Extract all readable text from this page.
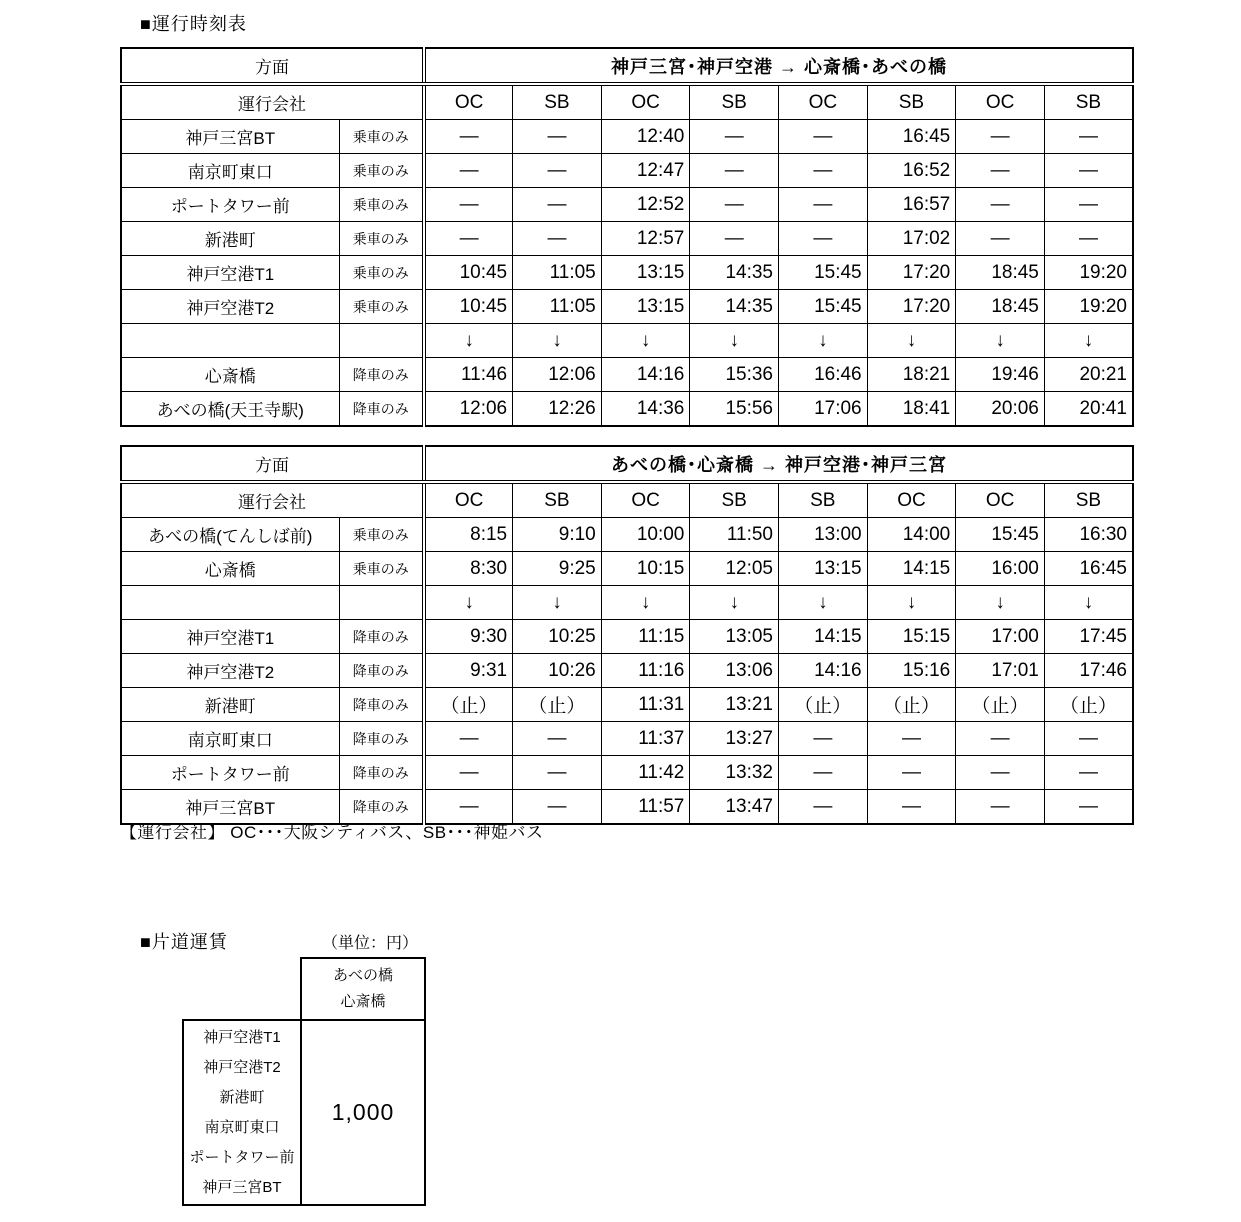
■運行時刻表
方面		神戸三宮･神戸空港 → 心斎橋･あべの橋							
運行会社		OC	SB	OC	SB	OC	SB	OC	SB
神戸三宮BT	乗車のみ	―	―	12:40	―	―	16:45	―	―
南京町東口	乗車のみ	―	―	12:47	―	―	16:52	―	―
ポートタワー前	乗車のみ	―	―	12:52	―	―	16:57	―	―
新港町	乗車のみ	―	―	12:57	―	―	17:02	―	―
神戸空港T1	乗車のみ	10:45	11:05	13:15	14:35	15:45	17:20	18:45	19:20
神戸空港T2	乗車のみ	10:45	11:05	13:15	14:35	15:45	17:20	18:45	19:20
		↓	↓	↓	↓	↓	↓	↓	↓
心斎橋	降車のみ	11:46	12:06	14:16	15:36	16:46	18:21	19:46	20:21
あべの橋(天王寺駅)	降車のみ	12:06	12:26	14:36	15:56	17:06	18:41	20:06	20:41
方面		あべの橋･心斎橋 → 神戸空港･神戸三宮							
運行会社		OC	SB	OC	SB	SB	OC	OC	SB
あべの橋(てんしば前)	乗車のみ	8:15	9:10	10:00	11:50	13:00	14:00	15:45	16:30
心斎橋	乗車のみ	8:30	9:25	10:15	12:05	13:15	14:15	16:00	16:45
		↓	↓	↓	↓	↓	↓	↓	↓
神戸空港T1	降車のみ	9:30	10:25	11:15	13:05	14:15	15:15	17:00	17:45
神戸空港T2	降車のみ	9:31	10:26	11:16	13:06	14:16	15:16	17:01	17:46
新港町	降車のみ	（止）	（止）	11:31	13:21	（止）	（止）	（止）	（止）
南京町東口	降車のみ	―	―	11:37	13:27	―	―	―	―
ポートタワー前	降車のみ	―	―	11:42	13:32	―	―	―	―
神戸三宮BT	降車のみ	―	―	11:57	13:47	―	―	―	―
【運行会社】 OC･･･大阪シティバス、SB･･･神姫バス
■片道運賃	（単位：円）

	あべの橋
心斎橋

神戸空港T1
神戸空港T2
新港町
南京町東口
ポートタワー前
神戸三宮BT
	1,000
